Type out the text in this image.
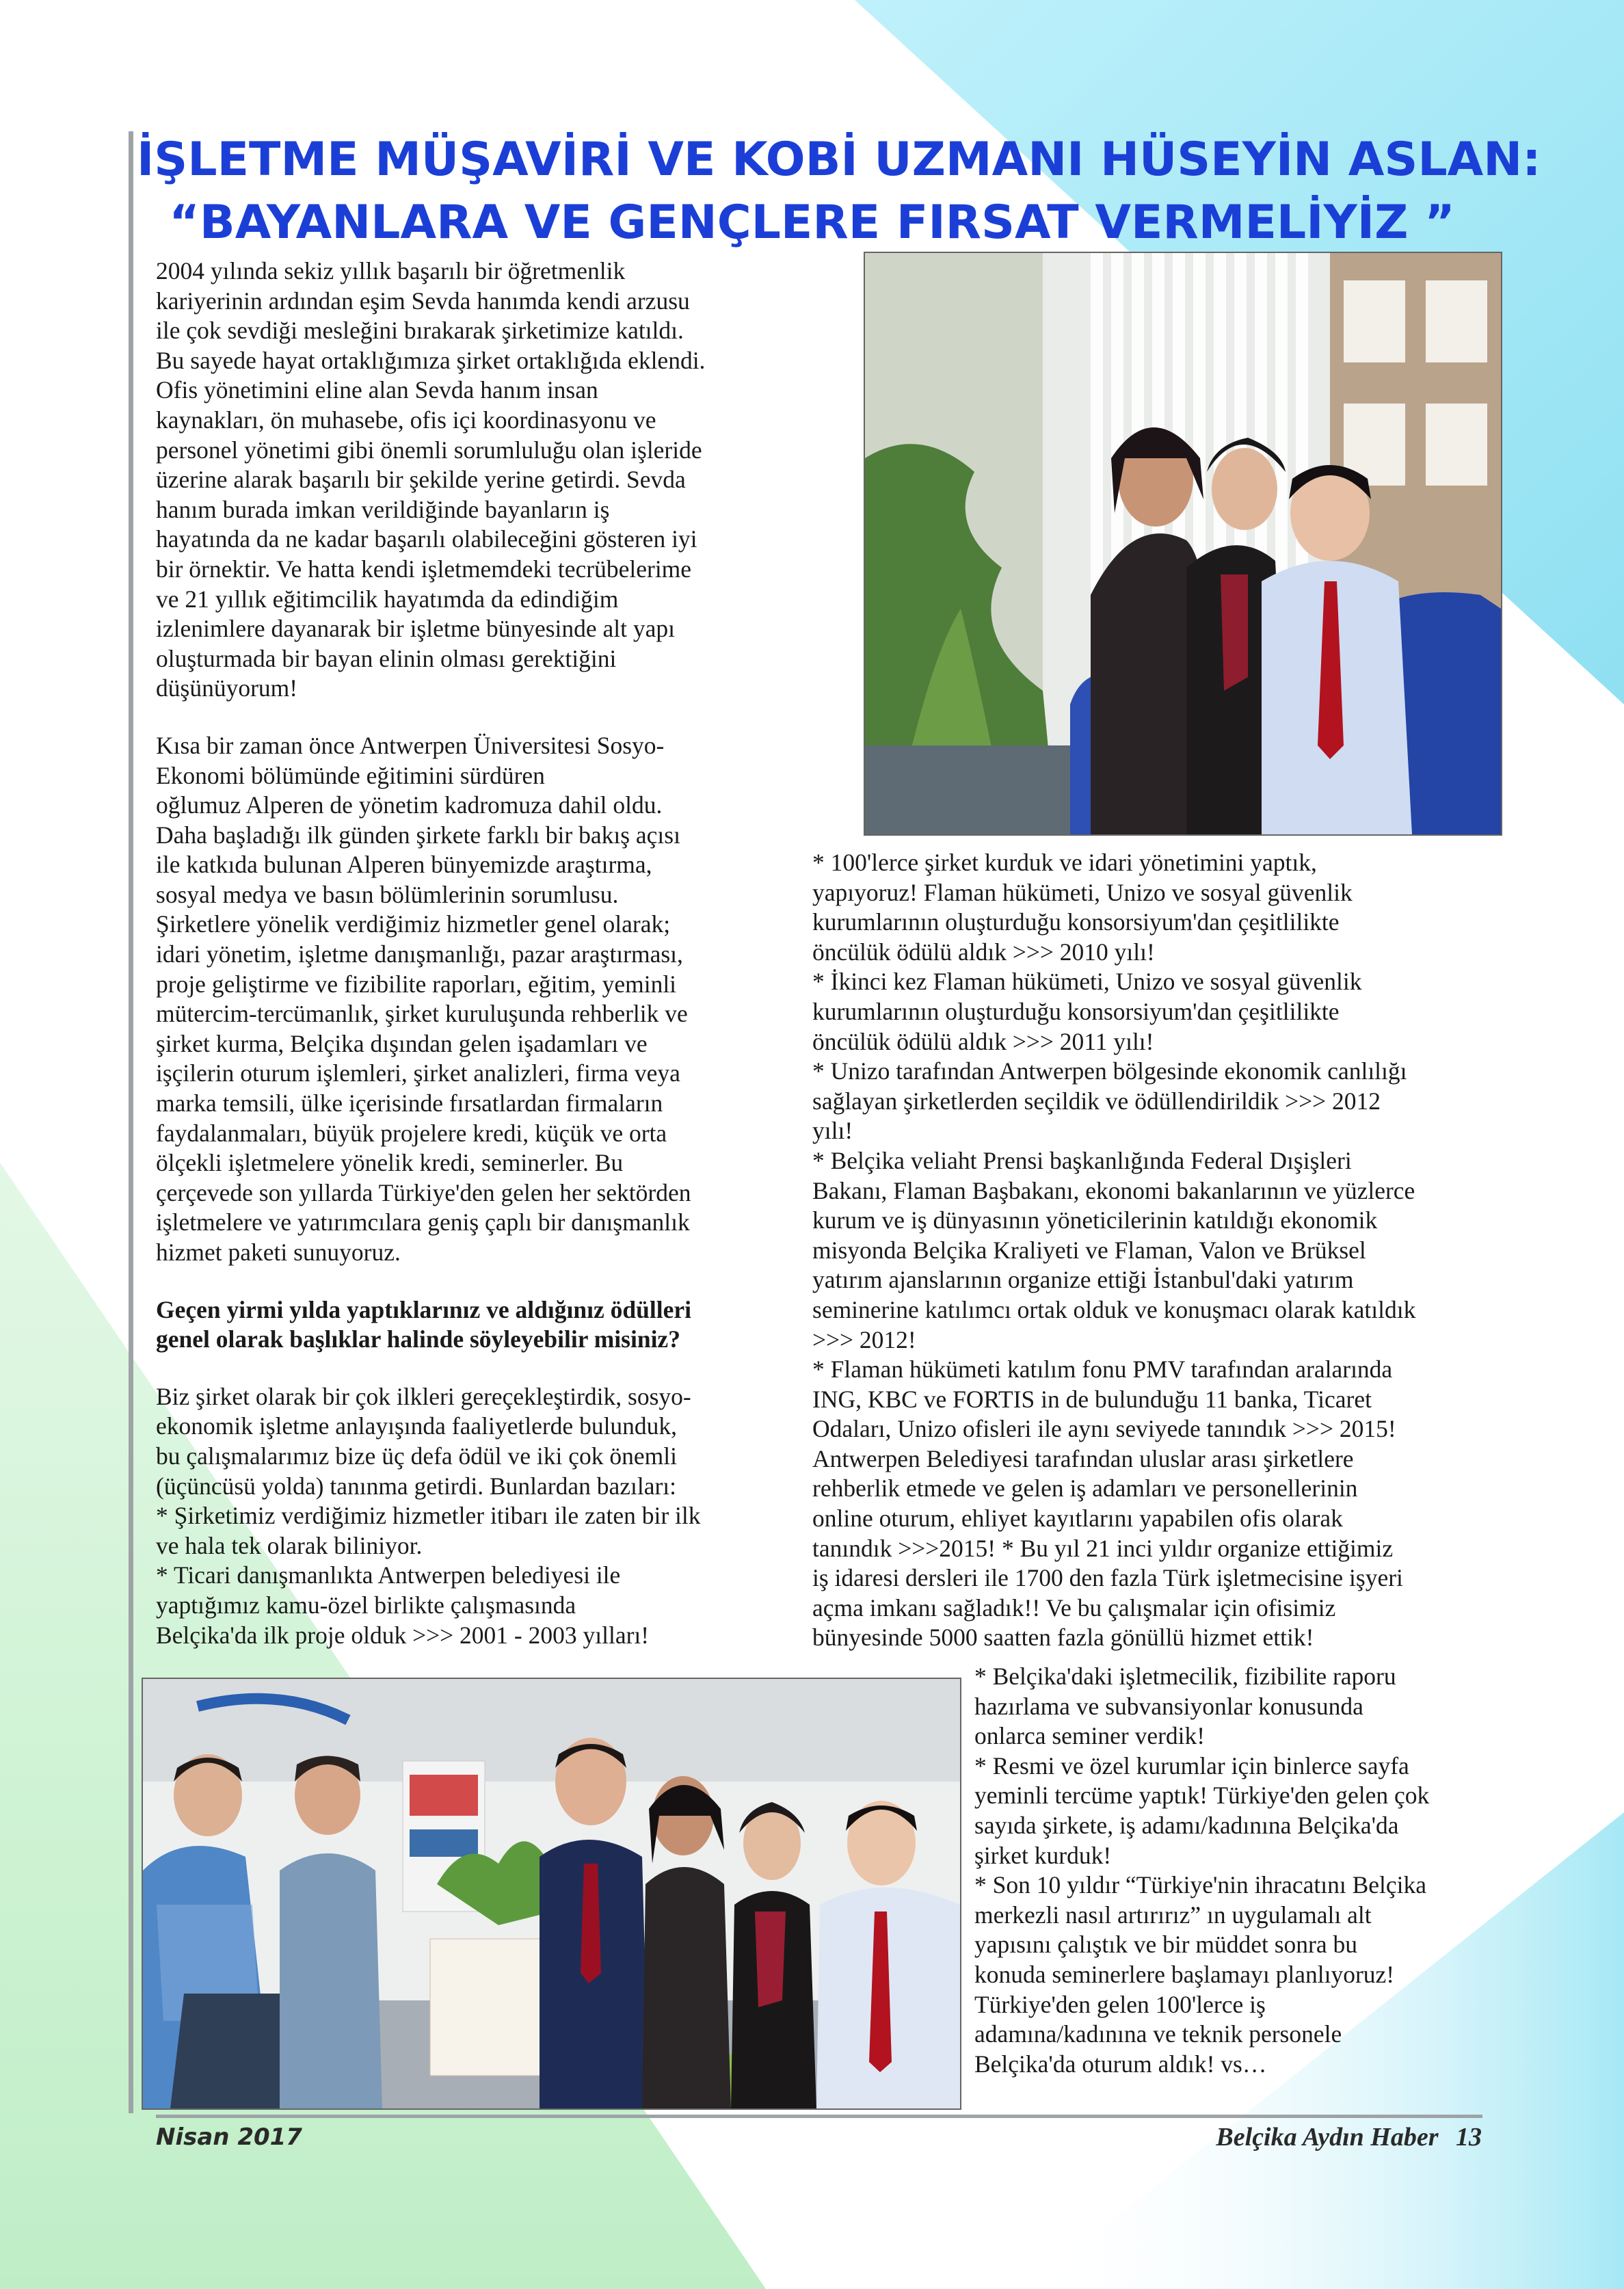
İŞLETME MÜŞAVİRİ VE KOBİ UZMANI HÜSEYİN ASLAN:
“BAYANLARA VE GENÇLERE FIRSAT VERMELİYİZ ”

2004 yılında sekiz yıllık başarılı bir öğretmenlik

kariyerinin ardından eşim Sevda hanımda kendi arzusu

ile çok sevdiği mesleğini bırakarak şirketimize katıldı.

Bu sayede hayat ortaklığımıza şirket ortaklığıda eklendi.

Ofis yönetimini eline alan Sevda hanım insan

kaynakları, ön muhasebe, ofis içi koordinasyonu ve

personel yönetimi gibi önemli sorumluluğu olan işleride

üzerine alarak başarılı bir şekilde yerine getirdi. Sevda

hanım burada imkan verildiğinde bayanların iş

hayatında da ne kadar başarılı olabileceğini gösteren iyi

bir örnektir. Ve hatta kendi işletmemdeki tecrübelerime

ve 21 yıllık eğitimcilik hayatımda da edindiğim

izlenimlere dayanarak bir işletme bünyesinde alt yapı

oluşturmada bir bayan elinin olması gerektiğini

düşünüyorum!

Kısa bir zaman önce Antwerpen Üniversitesi Sosyo-

Ekonomi bölümünde eğitimini sürdüren

oğlumuz Alperen de yönetim kadromuza dahil oldu.

Daha başladığı ilk günden şirkete farklı bir bakış açısı

ile katkıda bulunan Alperen bünyemizde araştırma,

sosyal medya ve basın bölümlerinin sorumlusu.

Şirketlere yönelik verdiğimiz hizmetler genel olarak;

idari yönetim, işletme danışmanlığı, pazar araştırması,

proje geliştirme ve fizibilite raporları, eğitim, yeminli

mütercim-tercümanlık, şirket kuruluşunda rehberlik ve

şirket kurma, Belçika dışından gelen işadamları ve

işçilerin oturum işlemleri, şirket analizleri, firma veya

marka temsili, ülke içerisinde fırsatlardan firmaların

faydalanmaları, büyük projelere kredi, küçük ve orta

ölçekli işletmelere yönelik kredi, seminerler. Bu

çerçevede son yıllarda Türkiye'den gelen her sektörden

işletmelere ve yatırımcılara geniş çaplı bir danışmanlık

hizmet paketi sunuyoruz.

Geçen yirmi yılda yaptıklarınız ve aldığınız ödülleri

genel olarak başlıklar halinde söyleyebilir misiniz?

Biz şirket olarak bir çok ilkleri gereçekleştirdik, sosyo-

ekonomik işletme anlayışında faaliyetlerde bulunduk,

bu çalışmalarımız bize üç defa ödül ve iki çok önemli

(üçüncüsü yolda) tanınma getirdi. Bunlardan bazıları:

* Şirketimiz verdiğimiz hizmetler itibarı ile zaten bir ilk

ve hala tek olarak biliniyor.

* Ticari danışmanlıkta Antwerpen belediyesi ile

yaptığımız kamu-özel birlikte çalışmasında

Belçika'da ilk proje olduk >>> 2001 - 2003 yılları!

* 100'lerce şirket kurduk ve idari yönetimini yaptık,

yapıyoruz! Flaman hükümeti, Unizo ve sosyal güvenlik

kurumlarının oluşturduğu konsorsiyum'dan çeşitlilikte

öncülük ödülü aldık >>> 2010 yılı!

* İkinci kez Flaman hükümeti, Unizo ve sosyal güvenlik

kurumlarının oluşturduğu konsorsiyum'dan çeşitlilikte

öncülük ödülü aldık >>> 2011 yılı!

* Unizo tarafından Antwerpen bölgesinde ekonomik canlılığı

sağlayan şirketlerden seçildik ve ödüllendirildik >>> 2012

yılı!

* Belçika veliaht Prensi başkanlığında Federal Dışişleri

Bakanı, Flaman Başbakanı, ekonomi bakanlarının ve yüzlerce

kurum ve iş dünyasının yöneticilerinin katıldığı ekonomik

misyonda Belçika Kraliyeti ve Flaman, Valon ve Brüksel

yatırım ajanslarının organize ettiği İstanbul'daki yatırım

seminerine katılımcı ortak olduk ve konuşmacı olarak katıldık

>>> 2012!

* Flaman hükümeti katılım fonu PMV tarafından aralarında

ING, KBC ve FORTIS in de bulunduğu 11 banka, Ticaret

Odaları, Unizo ofisleri ile aynı seviyede tanındık >>> 2015!

Antwerpen Belediyesi tarafından uluslar arası şirketlere

rehberlik etmede ve gelen iş adamları ve personellerinin

online oturum, ehliyet kayıtlarını yapabilen ofis olarak

tanındık >>>2015! * Bu yıl 21 inci yıldır organize ettiğimiz

iş idaresi dersleri ile 1700 den fazla Türk işletmecisine işyeri

açma imkanı sağladık!! Ve bu çalışmalar için ofisimiz

bünyesinde 5000 saatten fazla gönüllü hizmet ettik!

* Belçika'daki işletmecilik, fizibilite raporu

hazırlama ve subvansiyonlar konusunda

onlarca seminer verdik!

* Resmi ve özel kurumlar için binlerce sayfa

yeminli tercüme yaptık! Türkiye'den gelen çok

sayıda şirkete, iş adamı/kadınına Belçika'da

şirket kurduk!

* Son 10 yıldır “Türkiye'nin ihracatını Belçika

merkezli nasıl artırırız” ın uygulamalı alt

yapısını çalıştık ve bir müddet sonra bu

konuda seminerlere başlamayı planlıyoruz!

Türkiye'den gelen 100'lerce iş

adamına/kadınına ve teknik personele

Belçika'da oturum aldık! vs…

Nisan 2017	Belçika Aydın Haber 13
